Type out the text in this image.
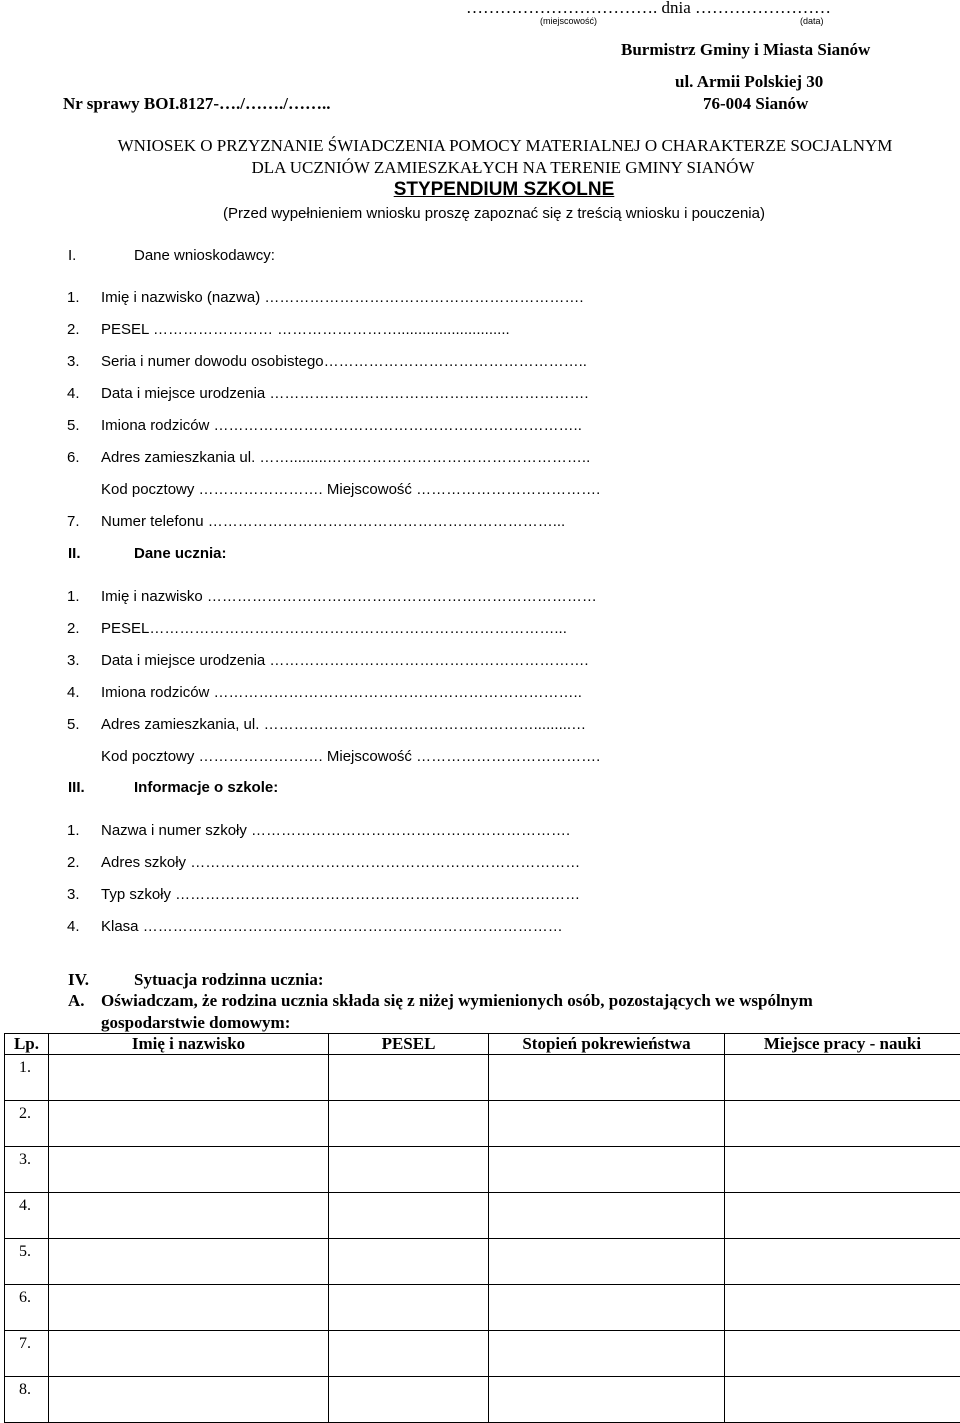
……………………………. dnia ……………………
(miejscowość)	(data)
Burmistrz Gminy i Miasta Sianów
ul. Armii Polskiej 30
76-004 Sianów
Nr sprawy BOI.8127-…./……./……..
WNIOSEK O PRZYZNANIE ŚWIADCZENIA POMOCY MATERIALNEJ O CHARAKTERZE SOCJALNYM
DLA UCZNIÓW ZAMIESZKAŁYCH NA TERENIE GMINY SIANÓW
STYPENDIUM SZKOLNE
(Przed wypełnieniem wniosku proszę zapoznać się z treścią wniosku i pouczenia)
I.	Dane wnioskodawcy:
1. Imię i nazwisko (nazwa) ……………………………………………………….
2. PESEL …………………… ……………………...........................
3. Seria i numer dowodu osobistego……………………………………………..
4. Data i miejsce urodzenia ……………………………………………………….
5. Imiona rodziców ………………………………………………………………..
6. Adres zamieszkania ul. …….........……………………………………………..
Kod pocztowy ……………………. Miejscowość ……………………………….
7. Numer telefonu ……………………………………………………………...
II.	Dane ucznia:
1. Imię i nazwisko ……………………………………………………………………
2. PESEL………………………………………………………………………...
3. Data i miejsce urodzenia ……………………………………………………….
4. Imiona rodziców ………………………………………………………………..
5. Adres zamieszkania, ul. ……………………………………………….........…
Kod pocztowy ……………………. Miejscowość ……………………………….
III.	Informacje o szkole:
1. Nazwa i numer szkoły ……………………………………………………….
2. Adres szkoły ……………………………………………………………………
3. Typ szkoły ………………………………………………………………………
4. Klasa …………………………………………………………………………
IV.	Sytuacja rodzinna ucznia:
A. Oświadczam, że rodzina ucznia składa się z niżej wymienionych osób, pozostających we wspólnym
gospodarstwie domowym:
Lp.	Imię i nazwisko	PESEL	Stopień pokrewieństwa	Miejsce pracy - nauki
1.				
2.				
3.				
4.				
5.				
6.				
7.				
8.				
